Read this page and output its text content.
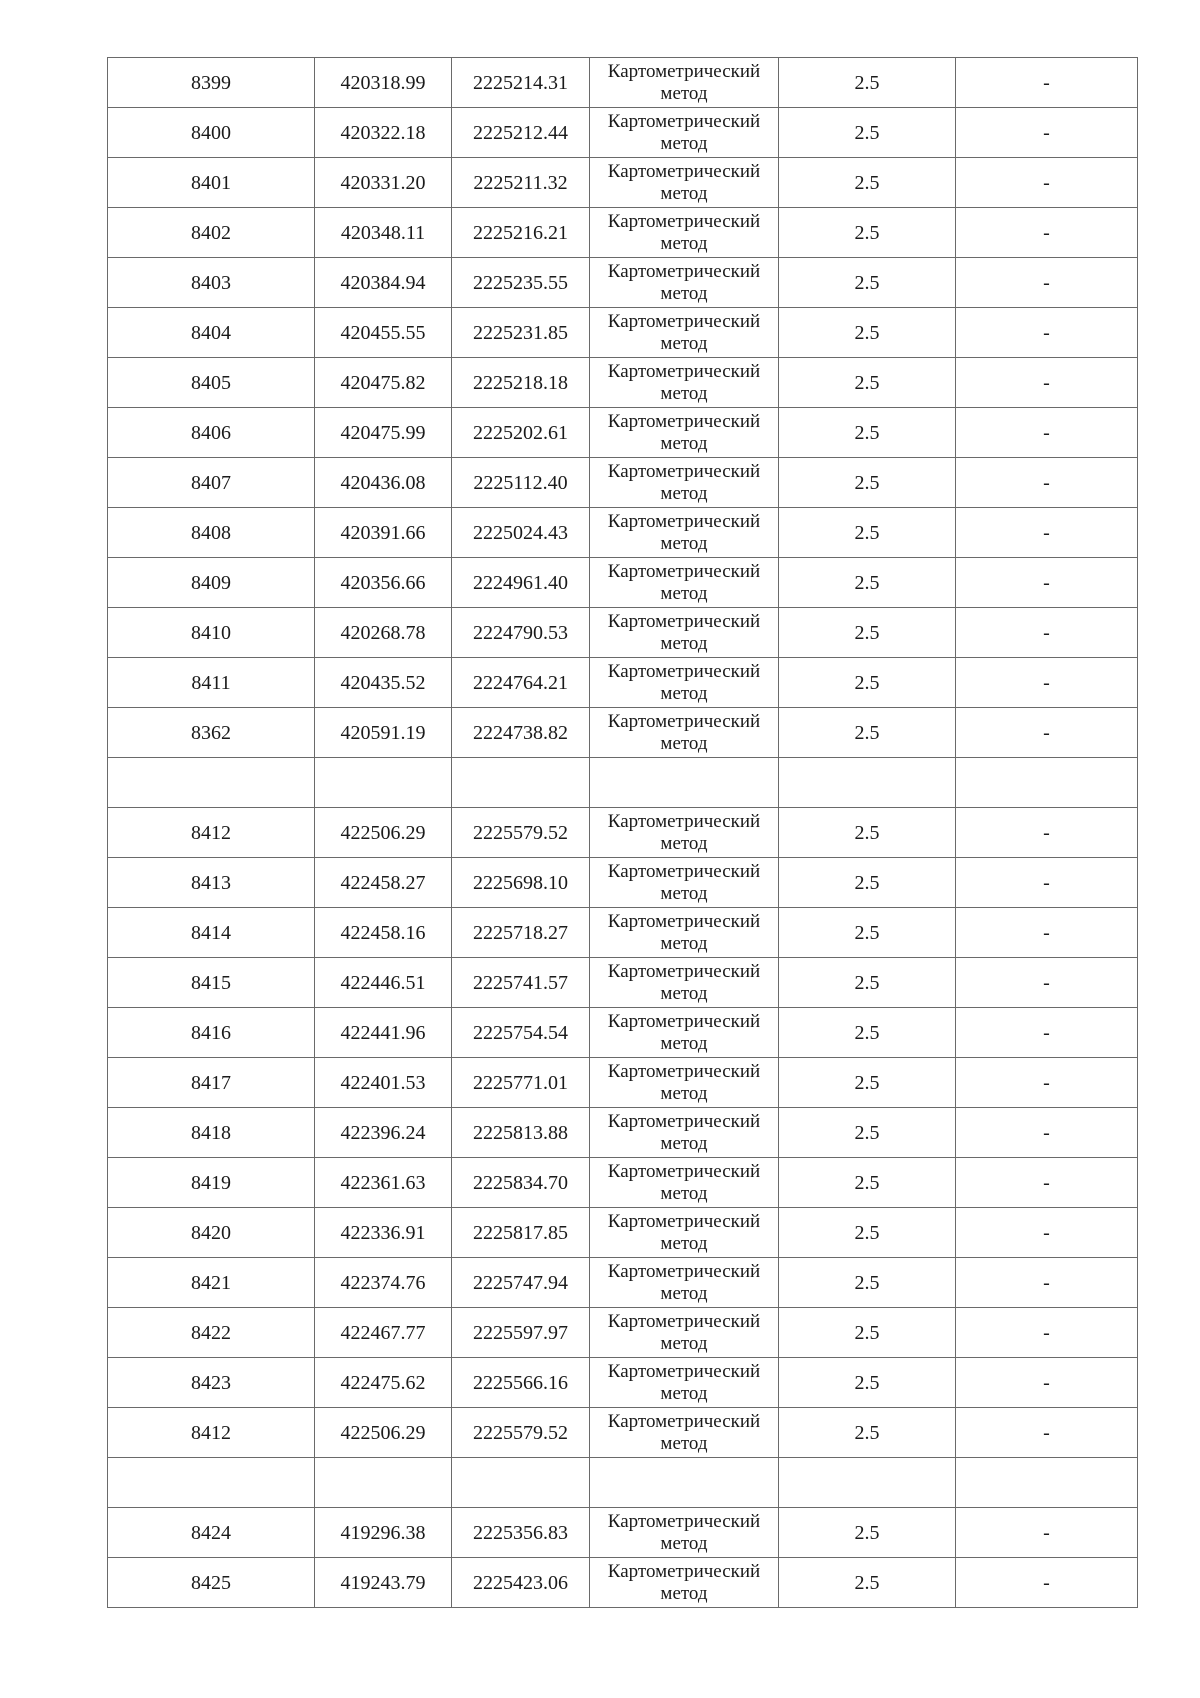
8399	420318.99	2225214.31	Картометрический
метод	2.5	-
8400	420322.18	2225212.44	Картометрический
метод	2.5	-
8401	420331.20	2225211.32	Картометрический
метод	2.5	-
8402	420348.11	2225216.21	Картометрический
метод	2.5	-
8403	420384.94	2225235.55	Картометрический
метод	2.5	-
8404	420455.55	2225231.85	Картометрический
метод	2.5	-
8405	420475.82	2225218.18	Картометрический
метод	2.5	-
8406	420475.99	2225202.61	Картометрический
метод	2.5	-
8407	420436.08	2225112.40	Картометрический
метод	2.5	-
8408	420391.66	2225024.43	Картометрический
метод	2.5	-
8409	420356.66	2224961.40	Картометрический
метод	2.5	-
8410	420268.78	2224790.53	Картометрический
метод	2.5	-
8411	420435.52	2224764.21	Картометрический
метод	2.5	-
8362	420591.19	2224738.82	Картометрический
метод	2.5	-

8412	422506.29	2225579.52	Картометрический
метод	2.5	-
8413	422458.27	2225698.10	Картометрический
метод	2.5	-
8414	422458.16	2225718.27	Картометрический
метод	2.5	-
8415	422446.51	2225741.57	Картометрический
метод	2.5	-
8416	422441.96	2225754.54	Картометрический
метод	2.5	-
8417	422401.53	2225771.01	Картометрический
метод	2.5	-
8418	422396.24	2225813.88	Картометрический
метод	2.5	-
8419	422361.63	2225834.70	Картометрический
метод	2.5	-
8420	422336.91	2225817.85	Картометрический
метод	2.5	-
8421	422374.76	2225747.94	Картометрический
метод	2.5	-
8422	422467.77	2225597.97	Картометрический
метод	2.5	-
8423	422475.62	2225566.16	Картометрический
метод	2.5	-
8412	422506.29	2225579.52	Картометрический
метод	2.5	-

8424	419296.38	2225356.83	Картометрический
метод	2.5	-
8425	419243.79	2225423.06	Картометрический
метод	2.5	-
